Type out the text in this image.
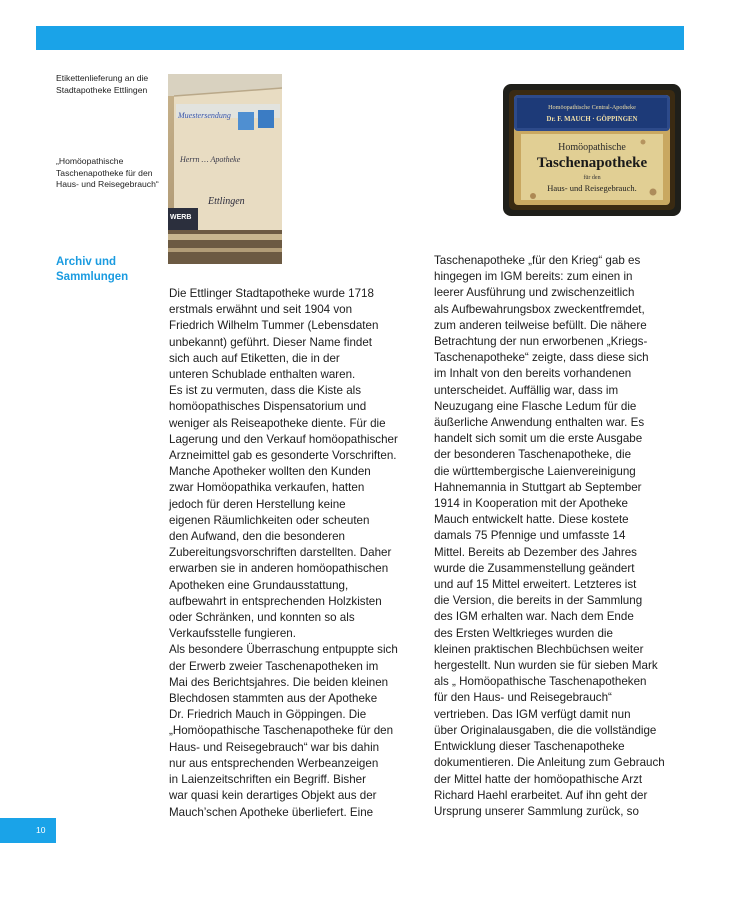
Etikettenlieferung an die Stadtapotheke Ettlingen
„Homöopathische Taschenapotheke für den Haus- und Reisegebrauch“
Archiv und Sammlungen
Muestersendung
Herrn … Apotheke
Ettlingen
WERB
Homöopathische Central-Apotheke
Dr. F. MAUCH · GÖPPINGEN
Homöopathische
Taschenapotheke
für den
Haus- und Reisegebrauch.
Die Ettlinger Stadtapotheke wurde 1718
erstmals erwähnt und seit 1904 von
Friedrich Wilhelm Tummer (Lebensdaten
unbekannt) geführt. Dieser Name findet
sich auch auf Etiketten, die in der
unteren Schublade enthalten waren.
Es ist zu vermuten, dass die Kiste als
homöopathisches Dispensatorium und
weniger als Reiseapotheke diente. Für die
Lagerung und den Verkauf homöopathischer
Arzneimittel gab es gesonderte Vorschriften.
Manche Apotheker wollten den Kunden
zwar Homöopathika verkaufen, hatten
jedoch für deren Herstellung keine
eigenen Räumlichkeiten oder scheuten
den Aufwand, den die besonderen
Zubereitungsvorschriften darstellten. Daher
erwarben sie in anderen homöopathischen
Apotheken eine Grundausstattung,
aufbewahrt in entsprechenden Holzkisten
oder Schränken, und konnten so als
Verkaufsstelle fungieren.
Als besondere Überraschung entpuppte sich
der Erwerb zweier Taschenapotheken im
Mai des Berichtsjahres. Die beiden kleinen
Blechdosen stammten aus der Apotheke
Dr. Friedrich Mauch in Göppingen. Die
„Homöopathische Taschenapotheke für den
Haus- und Reisegebrauch“ war bis dahin
nur aus entsprechenden Werbeanzeigen
in Laienzeitschriften ein Begriff. Bisher
war quasi kein derartiges Objekt aus der
Mauch’schen Apotheke überliefert. Eine
Taschenapotheke „für den Krieg“ gab es
hingegen im IGM bereits: zum einen in
leerer Ausführung und zwischenzeitlich
als Aufbewahrungsbox zweckentfremdet,
zum anderen teilweise befüllt. Die nähere
Betrachtung der nun erworbenen „Kriegs-
Taschenapotheke“ zeigte, dass diese sich
im Inhalt von den bereits vorhandenen
unterscheidet. Auffällig war, dass im
Neuzugang eine Flasche Ledum für die
äußerliche Anwendung enthalten war. Es
handelt sich somit um die erste Ausgabe
der besonderen Taschenapotheke, die
die württembergische Laienvereinigung
Hahnemannia in Stuttgart ab September
1914 in Kooperation mit der Apotheke
Mauch entwickelt hatte. Diese kostete
damals 75 Pfennige und umfasste 14
Mittel. Bereits ab Dezember des Jahres
wurde die Zusammenstellung geändert
und auf 15 Mittel erweitert. Letzteres ist
die Version, die bereits in der Sammlung
des IGM erhalten war. Nach dem Ende
des Ersten Weltkrieges wurden die
kleinen praktischen Blechbüchsen weiter
hergestellt. Nun wurden sie für sieben Mark
als „ Homöopathische Taschenapotheken
für den Haus- und Reisegebrauch“
vertrieben. Das IGM verfügt damit nun
über Originalausgaben, die die vollständige
Entwicklung dieser Taschenapotheke
dokumentieren. Die Anleitung zum Gebrauch
der Mittel hatte der homöopathische Arzt
Richard Haehl erarbeitet. Auf ihn geht der
Ursprung unserer Sammlung zurück, so
10
